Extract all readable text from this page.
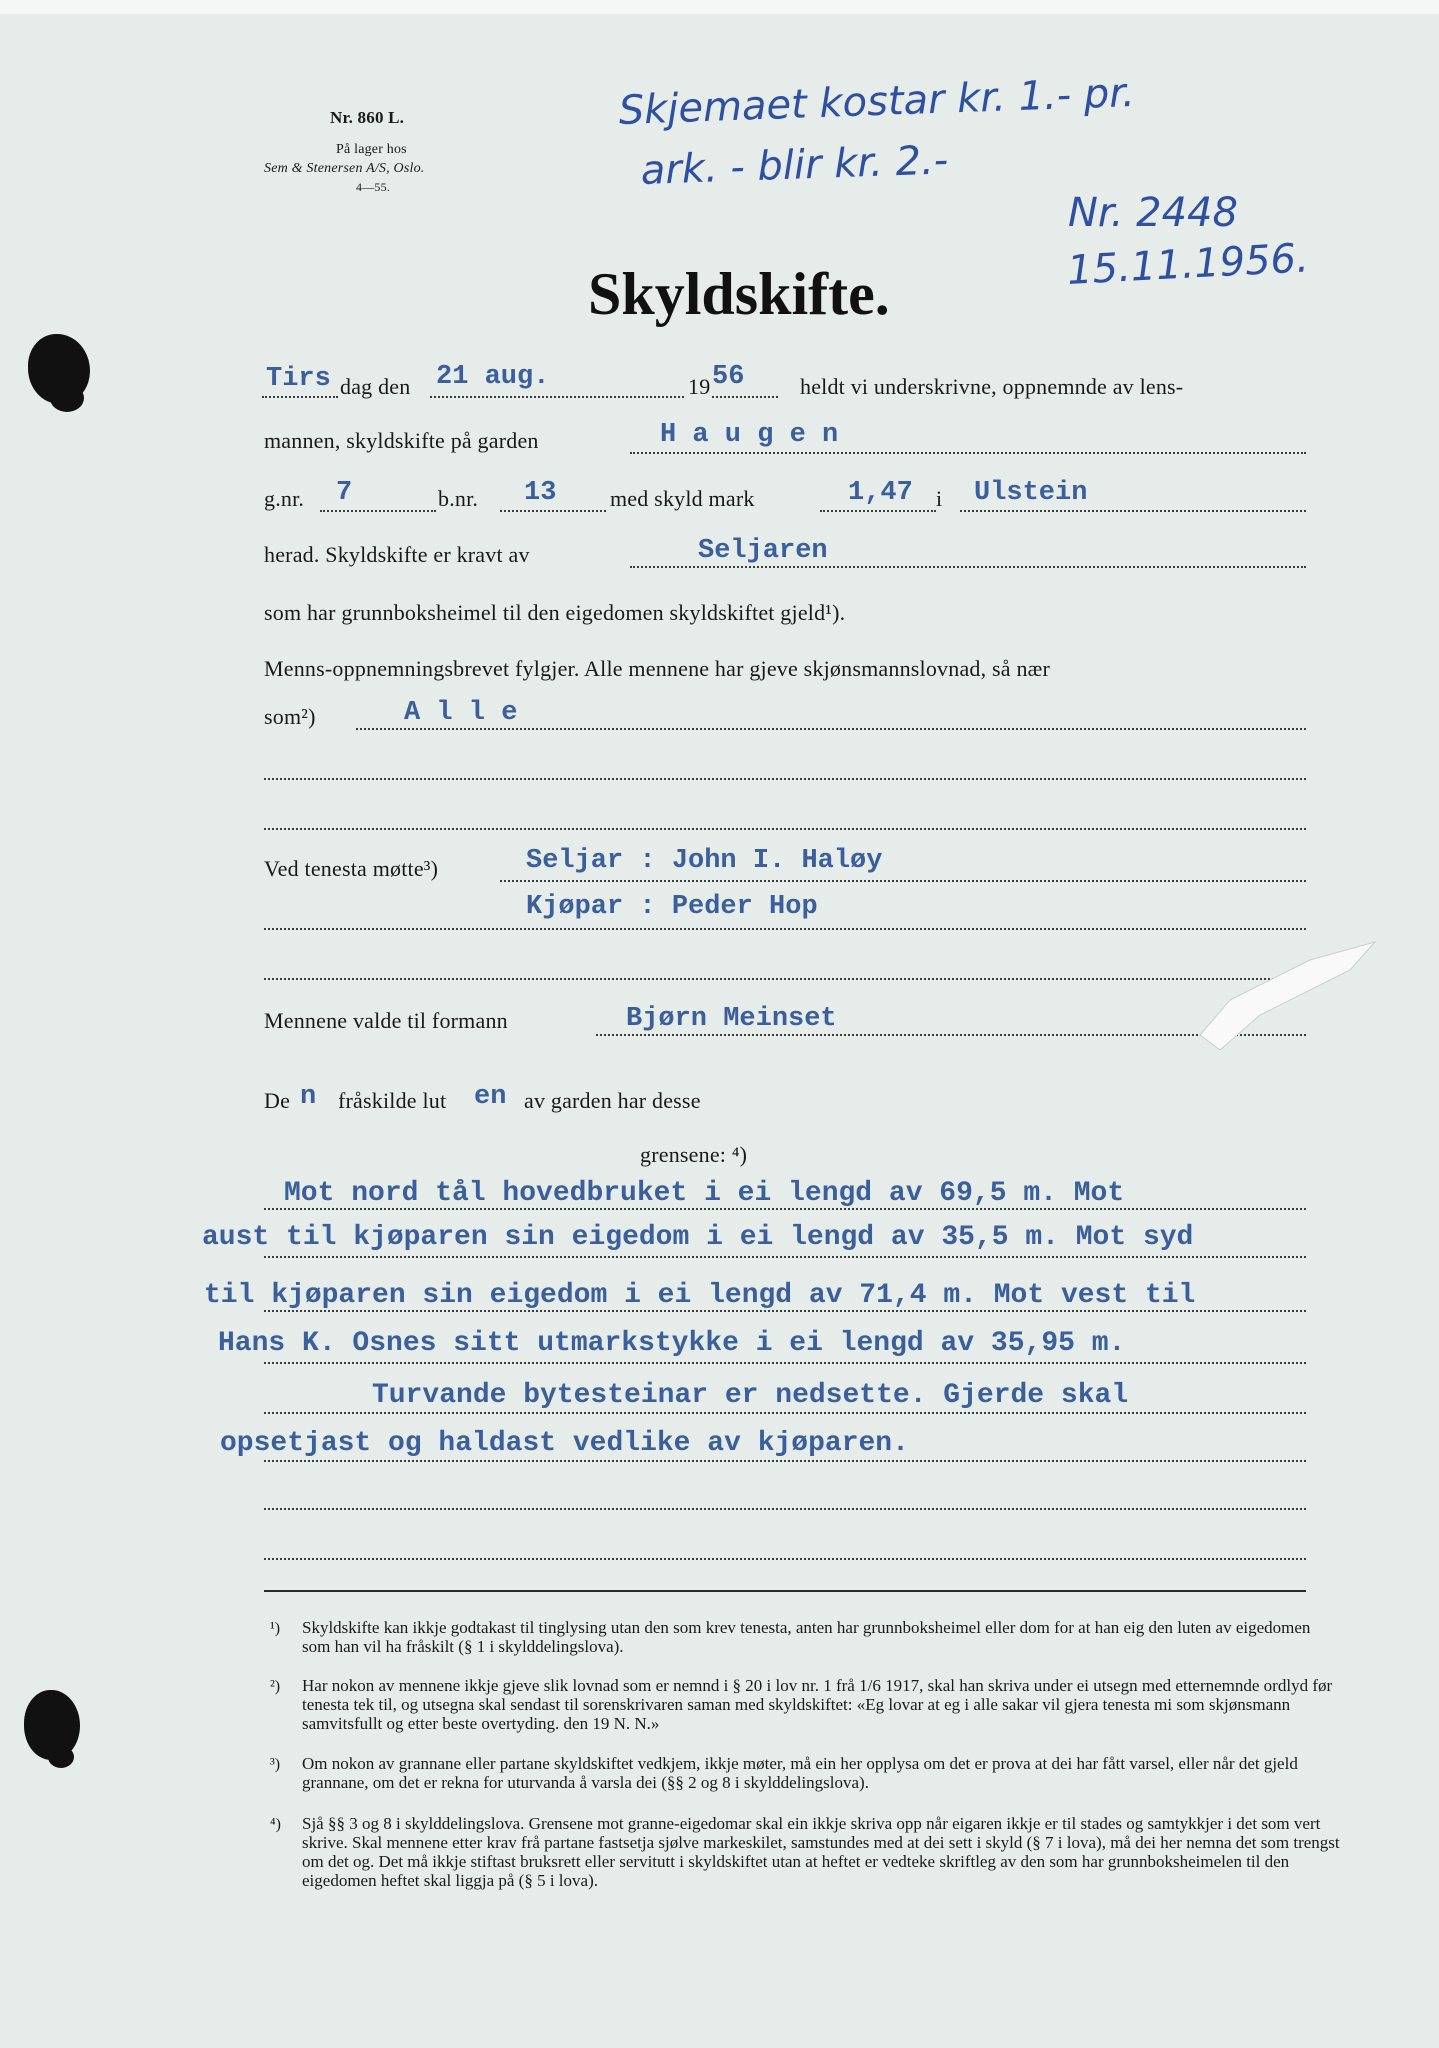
Nr. 860 L.
På lager hos
Sem & Stenersen A/S, Oslo.
4—55.
Skjemaet kostar kr. 1.- pr.
ark. - blir kr. 2.-
Nr. 2448
15.11.1956.
Skyldskifte.
Tirs dag den 21 aug.	19 56	heldt vi underskrivne, oppnemnde av lens-
mannen, skyldskifte på garden	H a u g e n
g.nr. 7	b.nr. 13 med skyld mark	1,47 i Ulstein
herad. Skyldskifte er kravt av	Seljaren
som har grunnboksheimel til den eigedomen skyldskiftet gjeld¹).
Menns-oppnemningsbrevet fylgjer. Alle mennene har gjeve skjønsmannslovnad, så nær
som²)	A l l e
Ved tenesta møtte³)	Seljar : John I. Haløy
Kjøpar : Peder Hop
Mennene valde til formann	Bjørn Meinset
De n fråskilde lut en av garden har desse
grensene: ⁴)
Mot nord tål hovedbruket i ei lengd av 69,5 m. Mot
aust til kjøparen sin eigedom i ei lengd av 35,5 m. Mot syd
til kjøparen sin eigedom i ei lengd av 71,4 m. Mot vest til
Hans K. Osnes sitt utmarkstykke i ei lengd av 35,95 m.
Turvande bytesteinar er nedsette. Gjerde skal
opsetjast og haldast vedlike av kjøparen.
¹) Skyldskifte kan ikkje godtakast til tinglysing utan den som krev tenesta, anten har grunnboksheimel eller dom for at han eig den luten av eigedomen som han vil ha fråskilt (§ 1 i skylddelingslova).
²) Har nokon av mennene ikkje gjeve slik lovnad som er nemnd i § 20 i lov nr. 1 frå 1/6 1917, skal han skriva under ei utsegn med etternemnde ordlyd før tenesta tek til, og utsegna skal sendast til sorenskrivaren saman med skyldskiftet: «Eg lovar at eg i alle sakar vil gjera tenesta mi som skjønsmann samvitsfullt og etter beste overtyding. den 19 N. N.»
³) Om nokon av grannane eller partane skyldskiftet vedkjem, ikkje møter, må ein her opplysa om det er prova at dei har fått varsel, eller når det gjeld grannane, om det er rekna for uturvanda å varsla dei (§§ 2 og 8 i skylddelingslova).
⁴) Sjå §§ 3 og 8 i skylddelingslova. Grensene mot granne-eigedomar skal ein ikkje skriva opp når eigaren ikkje er til stades og samtykkjer i det som vert skrive. Skal mennene etter krav frå partane fastsetja sjølve markeskilet, samstundes med at dei sett i skyld (§ 7 i lova), må dei her nemna det som trengst om det og. Det må ikkje stiftast bruksrett eller servitutt i skyldskiftet utan at heftet er vedteke skriftleg av den som har grunnboksheimelen til den eigedomen heftet skal liggja på (§ 5 i lova).
